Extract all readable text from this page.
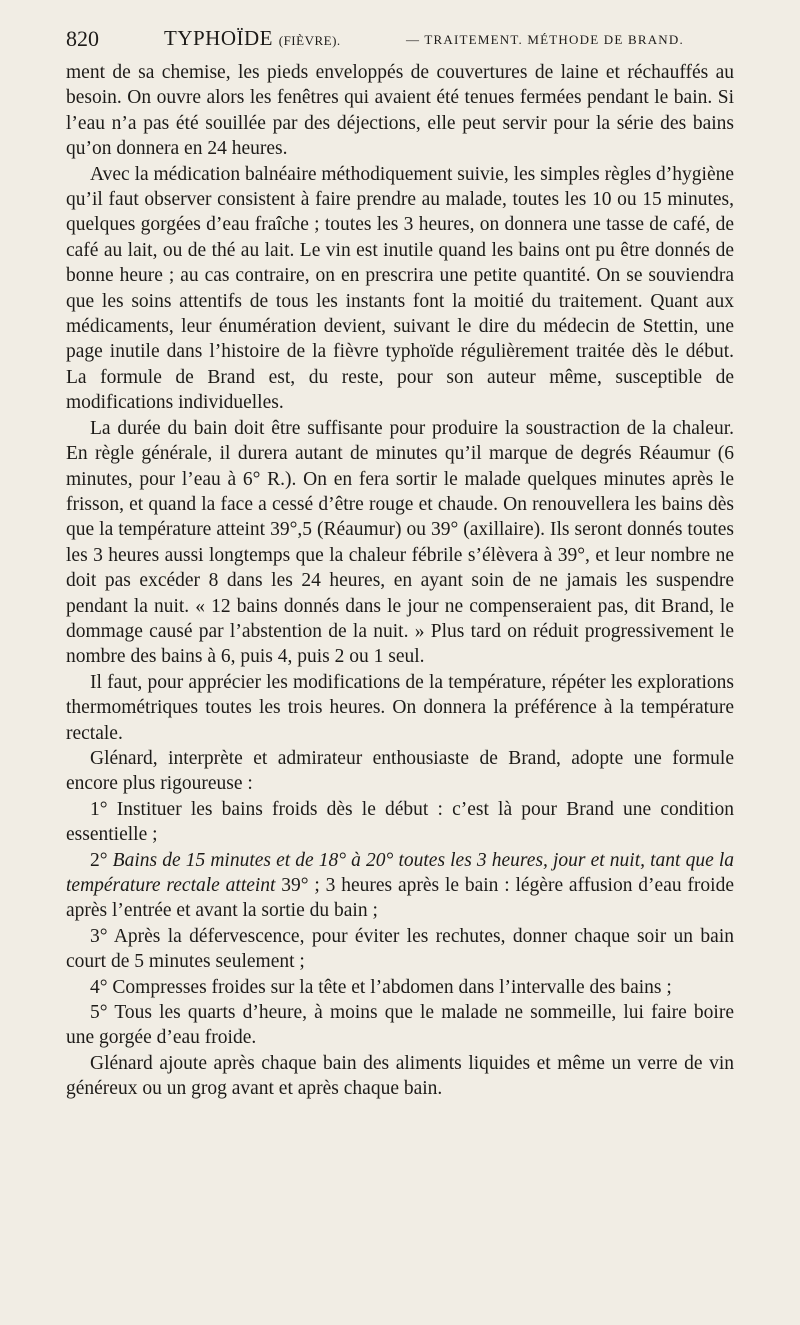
820	TYPHOÏDE (FIÈVRE).	— TRAITEMENT. MÉTHODE DE BRAND.

ment de sa chemise, les pieds enveloppés de couvertures de laine et réchauffés au besoin. On ouvre alors les fenêtres qui avaient été tenues fermées pendant le bain. Si l’eau n’a pas été souillée par des déjections, elle peut servir pour la série des bains qu’on donnera en 24 heures.

Avec la médication balnéaire méthodiquement suivie, les simples règles d’hygiène qu’il faut observer consistent à faire prendre au malade, toutes les 10 ou 15 minutes, quelques gorgées d’eau fraîche ; toutes les 3 heures, on donnera une tasse de café, de café au lait, ou de thé au lait. Le vin est inutile quand les bains ont pu être donnés de bonne heure ; au cas contraire, on en prescrira une petite quantité. On se souviendra que les soins attentifs de tous les instants font la moitié du traitement. Quant aux médicaments, leur énumération devient, suivant le dire du médecin de Stettin, une page inutile dans l’histoire de la fièvre typhoïde régulièrement traitée dès le début. La formule de Brand est, du reste, pour son auteur même, susceptible de modifications individuelles.

La durée du bain doit être suffisante pour produire la soustraction de la chaleur. En règle générale, il durera autant de minutes qu’il marque de degrés Réaumur (6 minutes, pour l’eau à 6° R.). On en fera sortir le malade quelques minutes après le frisson, et quand la face a cessé d’être rouge et chaude. On renouvellera les bains dès que la température atteint 39°,5 (Réaumur) ou 39° (axillaire). Ils seront donnés toutes les 3 heures aussi longtemps que la chaleur fébrile s’élèvera à 39°, et leur nombre ne doit pas excéder 8 dans les 24 heures, en ayant soin de ne jamais les suspendre pendant la nuit. « 12 bains donnés dans le jour ne compenseraient pas, dit Brand, le dommage causé par l’abstention de la nuit. » Plus tard on réduit progressivement le nombre des bains à 6, puis 4, puis 2 ou 1 seul.

Il faut, pour apprécier les modifications de la température, répéter les explorations thermométriques toutes les trois heures. On donnera la préférence à la température rectale.

Glénard, interprète et admirateur enthousiaste de Brand, adopte une formule encore plus rigoureuse :

1° Instituer les bains froids dès le début : c’est là pour Brand une condition essentielle ;

2° Bains de 15 minutes et de 18° à 20° toutes les 3 heures, jour et nuit, tant que la température rectale atteint 39° ; 3 heures après le bain : légère affusion d’eau froide après l’entrée et avant la sortie du bain ;

3° Après la défervescence, pour éviter les rechutes, donner chaque soir un bain court de 5 minutes seulement ;

4° Compresses froides sur la tête et l’abdomen dans l’intervalle des bains ;

5° Tous les quarts d’heure, à moins que le malade ne sommeille, lui faire boire une gorgée d’eau froide.

Glénard ajoute après chaque bain des aliments liquides et même un verre de vin généreux ou un grog avant et après chaque bain.
